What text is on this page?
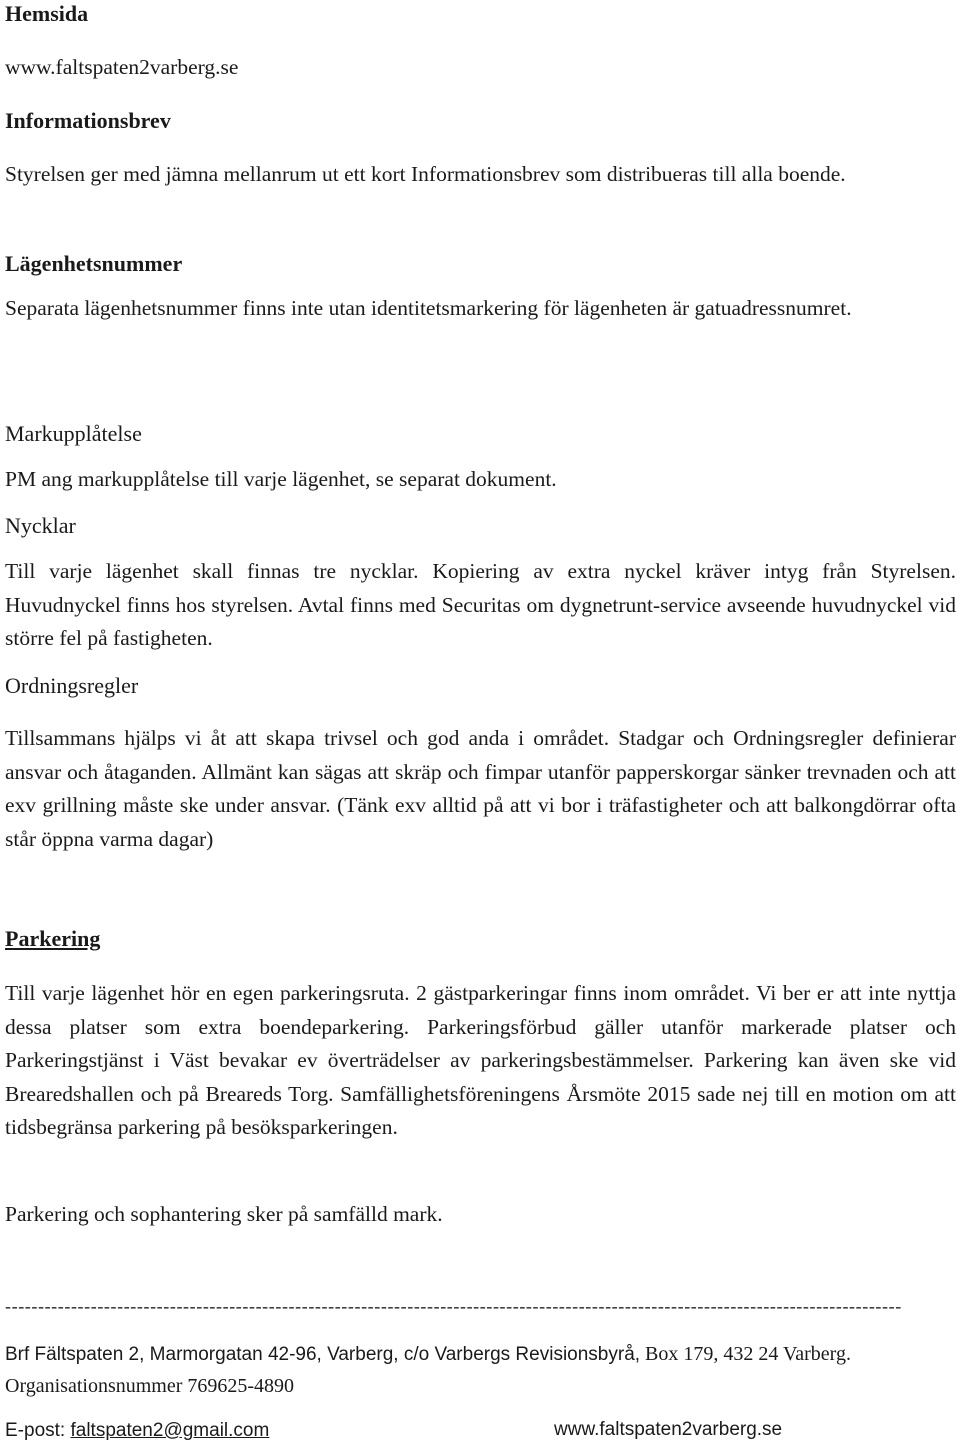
Hemsida

www.faltspaten2varberg.se

Informationsbrev

Styrelsen ger med jämna mellanrum ut ett kort Informationsbrev som distribueras till alla boende.

Lägenhetsnummer

Separata lägenhetsnummer finns inte utan identitetsmarkering för lägenheten är gatuadressnumret.

Markupplåtelse

PM ang markupplåtelse till varje lägenhet, se separat dokument.

Nycklar

Till varje lägenhet skall finnas tre nycklar. Kopiering av extra nyckel kräver intyg från Styrelsen. Huvudnyckel finns hos styrelsen. Avtal finns med Securitas om dygnetrunt-service avseende huvudnyckel vid större fel på fastigheten.

Ordningsregler

Tillsammans hjälps vi åt att skapa trivsel och god anda i området. Stadgar och Ordningsregler definierar ansvar och åtaganden. Allmänt kan sägas att skräp och fimpar utanför papperskorgar sänker trevnaden och att exv grillning måste ske under ansvar. (Tänk exv alltid på att vi bor i träfastigheter och att balkongdörrar ofta står öppna varma dagar)

Parkering

Till varje lägenhet hör en egen parkeringsruta. 2 gästparkeringar finns inom området. Vi ber er att inte nyttja dessa platser som extra boendeparkering. Parkeringsförbud gäller utanför markerade platser och Parkeringstjänst i Väst bevakar ev överträdelser av parkeringsbestämmelser. Parkering kan även ske vid Brearedshallen och på Breareds Torg. Samfällighetsföreningens Årsmöte 2015 sade nej till en motion om att tidsbegränsa parkering på besöksparkeringen.

Parkering och sophantering sker på samfälld mark.

----------------------------------------------------------------------------------------------------------------------------------------
Brf Fältspaten 2, Marmorgatan 42-96, Varberg, c/o Varbergs Revisionsbyrå, Box 179, 432 24 Varberg.
Organisationsnummer 769625-4890
E-post: faltspaten2@gmail.com	www.faltspaten2varberg.se
